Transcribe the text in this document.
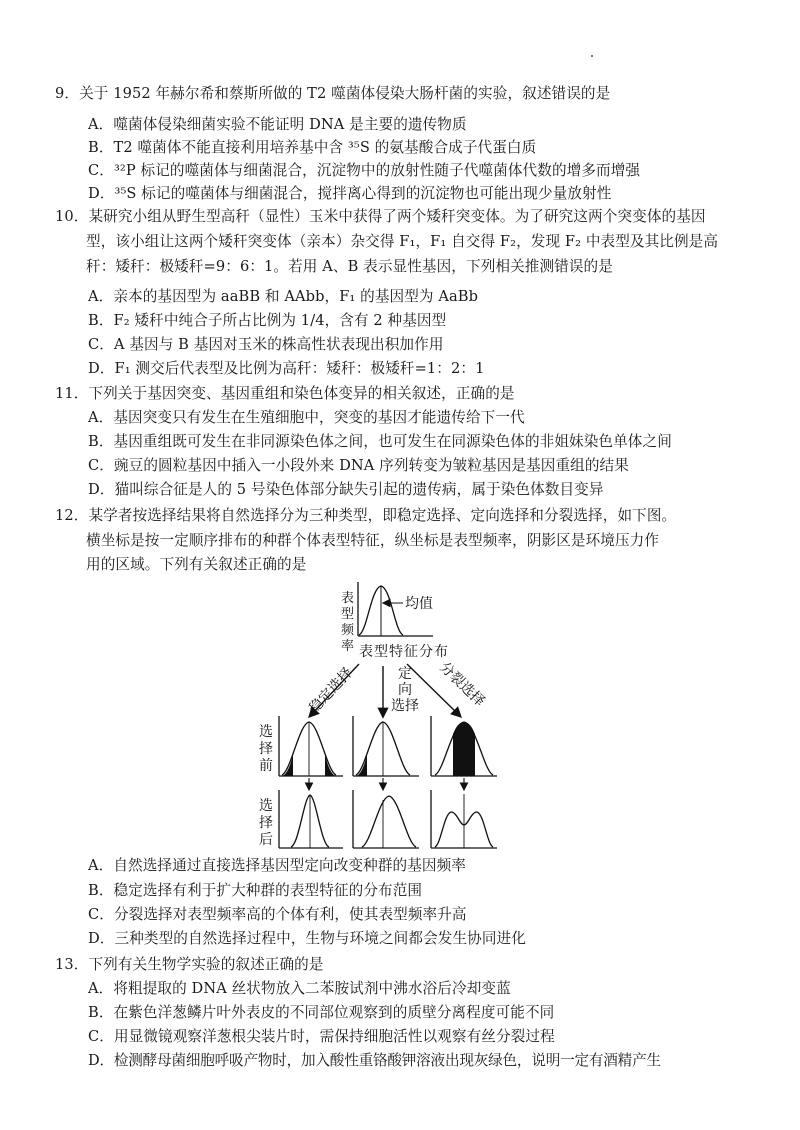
9．关于 1952 年赫尔希和蔡斯所做的 T2 噬菌体侵染大肠杆菌的实验，叙述错误的是
A．噬菌体侵染细菌实验不能证明 DNA 是主要的遗传物质
B．T2 噬菌体不能直接利用培养基中含 ³⁵S 的氨基酸合成子代蛋白质
C．³²P 标记的噬菌体与细菌混合，沉淀物中的放射性随子代噬菌体代数的增多而增强
D．³⁵S 标记的噬菌体与细菌混合，搅拌离心得到的沉淀物也可能出现少量放射性
10．某研究小组从野生型高秆（显性）玉米中获得了两个矮秆突变体。为了研究这两个突变体的基因
型，该小组让这两个矮秆突变体（亲本）杂交得 F₁，F₁ 自交得 F₂，发现 F₂ 中表型及其比例是高
秆：矮秆：极矮秆=9：6：1。若用 A、B 表示显性基因，下列相关推测错误的是
A．亲本的基因型为 aaBB 和 AAbb，F₁ 的基因型为 AaBb
B．F₂ 矮秆中纯合子所占比例为 1/4，含有 2 种基因型
C．A 基因与 B 基因对玉米的株高性状表现出积加作用
D．F₁ 测交后代表型及比例为高秆：矮秆：极矮秆=1：2：1
11．下列关于基因突变、基因重组和染色体变异的相关叙述，正确的是
A．基因突变只有发生在生殖细胞中，突变的基因才能遗传给下一代
B．基因重组既可发生在非同源染色体之间，也可发生在同源染色体的非姐妹染色单体之间
C．豌豆的圆粒基因中插入一小段外来 DNA 序列转变为皱粒基因是基因重组的结果
D．猫叫综合征是人的 5 号染色体部分缺失引起的遗传病，属于染色体数目变异
12．某学者按选择结果将自然选择分为三种类型，即稳定选择、定向选择和分裂选择，如下图。
横坐标是按一定顺序排布的种群个体表型特征，纵坐标是表型频率，阴影区是环境压力作
用的区域。下列有关叙述正确的是
表
型
频
率
均值
表型特征分布
稳定选择	定
向
选择 分裂选择
选
择
前
选
择
后
A．自然选择通过直接选择基因型定向改变种群的基因频率
B．稳定选择有利于扩大种群的表型特征的分布范围
C．分裂选择对表型频率高的个体有利，使其表型频率升高
D．三种类型的自然选择过程中，生物与环境之间都会发生协同进化
13．下列有关生物学实验的叙述正确的是
A．将粗提取的 DNA 丝状物放入二苯胺试剂中沸水浴后冷却变蓝
B．在紫色洋葱鳞片叶外表皮的不同部位观察到的质壁分离程度可能不同
C．用显微镜观察洋葱根尖装片时，需保持细胞活性以观察有丝分裂过程
D．检测酵母菌细胞呼吸产物时，加入酸性重铬酸钾溶液出现灰绿色，说明一定有酒精产生
